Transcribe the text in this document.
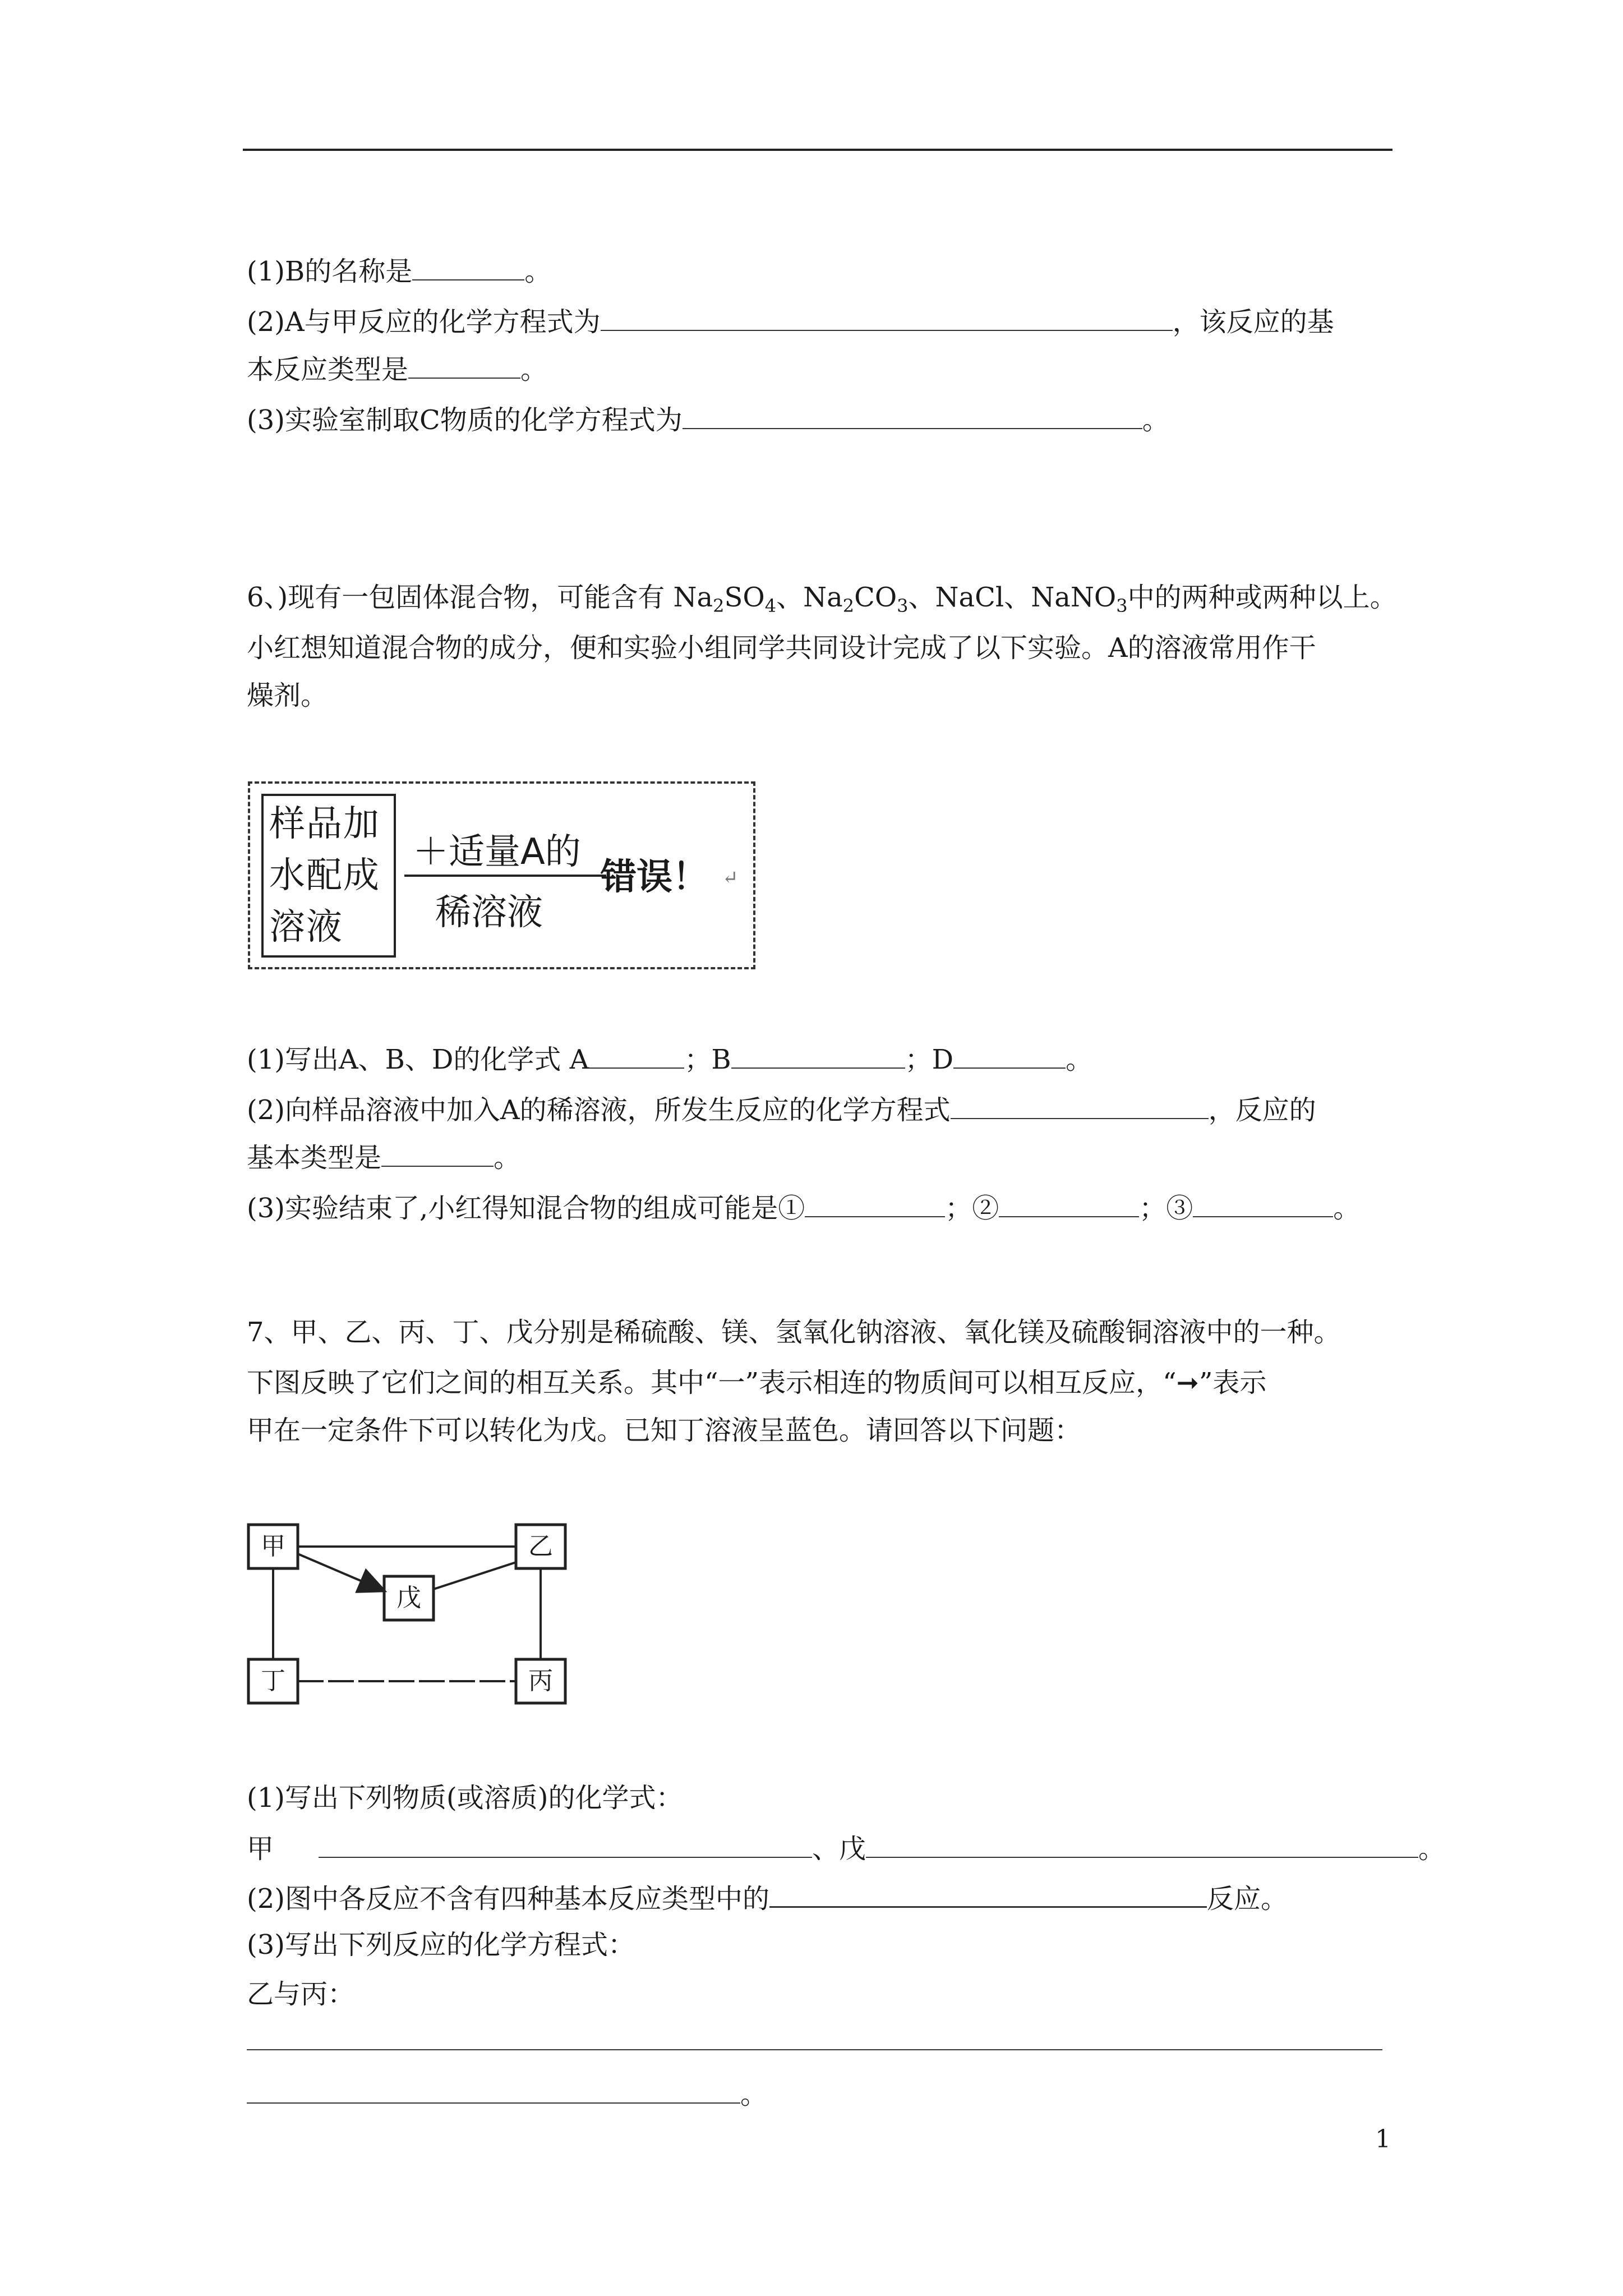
(1)B的名称是	。
(2)A与甲反应的化学方程式为	，该反应的基
本反应类型是	。
(3)实验室制取C物质的化学方程式为	。
6、)现有一包固体混合物，可能含有 $Na_2SO_4$、$Na_2CO_3$、NaCl、NaNO$_3$中的两种或两种以上。
小红想知道混合物的成分，便和实验小组同学共同设计完成了以下实验。A的溶液常用作干
燥剂。
样品加
水配成
溶液
＋适量A的
稀溶液
错误！ ↵
(1)写出A、B、D的化学式 A	；B	；D	。
(2)向样品溶液中加入A的稀溶液，所发生反应的化学方程式	，反应的
基本类型是	。
(3)实验结束了,小红得知混合物的组成可能是①	；②	；③	。
7、甲、乙、丙、丁、戊分别是稀硫酸、镁、氢氧化钠溶液、氧化镁及硫酸铜溶液中的一种。
下图反映了它们之间的相互关系。其中“一”表示相连的物质间可以相互反应，“➞”表示
甲在一定条件下可以转化为戊。已知丁溶液呈蓝色。请回答以下问题：
甲	乙
戊
丁	丙
(1)写出下列物质(或溶质)的化学式：
甲	、戊	。
(2)图中各反应不含有四种基本反应类型中的	反应。
(3)写出下列反应的化学方程式：
乙与丙：
。
1
